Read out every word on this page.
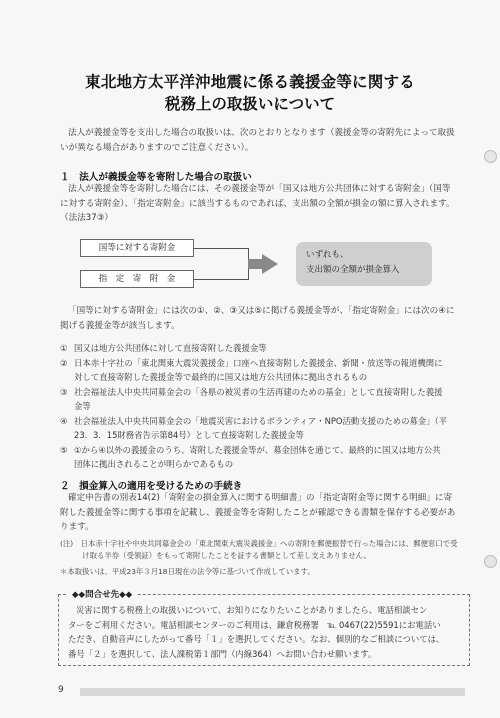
東北地方太平洋沖地震に係る義援金等に関する
税務上の取扱いについて
法人が義援金等を支出した場合の取扱いは、次のとおりとなります（義援金等の寄附先によって取扱
いが異なる場合がありますのでご注意ください）。
１　法人が義援金等を寄附した場合の取扱い
法人が義援金等を寄附した場合には、その義援金等が「国又は地方公共団体に対する寄附金」（国等
に対する寄附金）、「指定寄附金」に該当するものであれば、支出額の全額が損金の額に算入されます。
（法法37③）
国等に対する寄附金
指　定　寄　附　金
いずれも、
支出額の全額が損金算入
「国等に対する寄附金」には次の①、②、③又は⑤に掲げる義援金等が、「指定寄附金」には次の④に
掲げる義援金等が該当します。
① 国又は地方公共団体に対して直接寄附した義援金等
② 日本赤十字社の「東北関東大震災義援金」口座へ直接寄附した義援金、新聞・放送等の報道機関に
対して直接寄附した義援金等で最終的に国又は地方公共団体に拠出されるもの
③ 社会福祉法人中央共同募金会の「各県の被災者の生活再建のための基金」として直接寄附した義援
金等
④ 社会福祉法人中央共同募金会の「地震災害におけるボランティア・NPO活動支援のための募金」（平
23．3．15財務省告示第84号）として直接寄附した義援金等
⑤ ①から④以外の義援金のうち、寄附した義援金等が、募金団体を通じて、最終的に国又は地方公共
団体に拠出されることが明らかであるもの
２　損金算入の適用を受けるための手続き
確定申告書の別表14(2)「寄附金の損金算入に関する明細書」の「指定寄附金等に関する明細」に寄
附した義援金等に関する事項を記載し、義援金等を寄附したことが確認できる書類を保存する必要があ
ります。
(注)　日本赤十字社や中央共同募金会の「東北関東大震災義援金」への寄附を郵便振替で行った場合には、郵便窓口で受
　　　け取る半券（受領証）をもって寄附したことを証する書類として差し支えありません。
＊本取扱いは、平成23年３月18日現在の法令等に基づいて作成しています。
◆◆問合せ先◆◆
災害に関する税務上の取扱いについて、お知りになりたいことがありましたら、電話相談セン
ターをご利用ください。電話相談センターのご利用は、鎌倉税務署　℡ 0467(22)5591にお電話い
ただき、自動音声にしたがって番号「１」を選択してください。なお、個別的なご相談については、
番号「２」を選択して、法人課税第１部門（内線364）へお問い合わせ願います。
9
